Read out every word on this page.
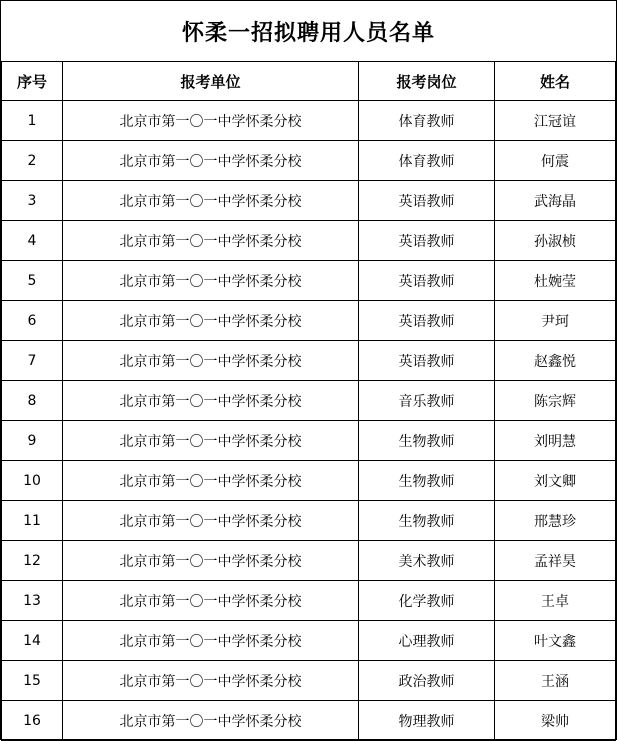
怀柔一招拟聘用人员名单			
序号	报考单位	报考岗位	姓名
1	北京市第一〇一中学怀柔分校	体育教师	江冠谊
2	北京市第一〇一中学怀柔分校	体育教师	何震
3	北京市第一〇一中学怀柔分校	英语教师	武海晶
4	北京市第一〇一中学怀柔分校	英语教师	孙淑桢
5	北京市第一〇一中学怀柔分校	英语教师	杜婉莹
6	北京市第一〇一中学怀柔分校	英语教师	尹珂
7	北京市第一〇一中学怀柔分校	英语教师	赵鑫悦
8	北京市第一〇一中学怀柔分校	音乐教师	陈宗辉
9	北京市第一〇一中学怀柔分校	生物教师	刘明慧
10	北京市第一〇一中学怀柔分校	生物教师	刘文卿
11	北京市第一〇一中学怀柔分校	生物教师	邢慧珍
12	北京市第一〇一中学怀柔分校	美术教师	孟祥昊
13	北京市第一〇一中学怀柔分校	化学教师	王卓
14	北京市第一〇一中学怀柔分校	心理教师	叶文鑫
15	北京市第一〇一中学怀柔分校	政治教师	王涵
16	北京市第一〇一中学怀柔分校	物理教师	梁帅
